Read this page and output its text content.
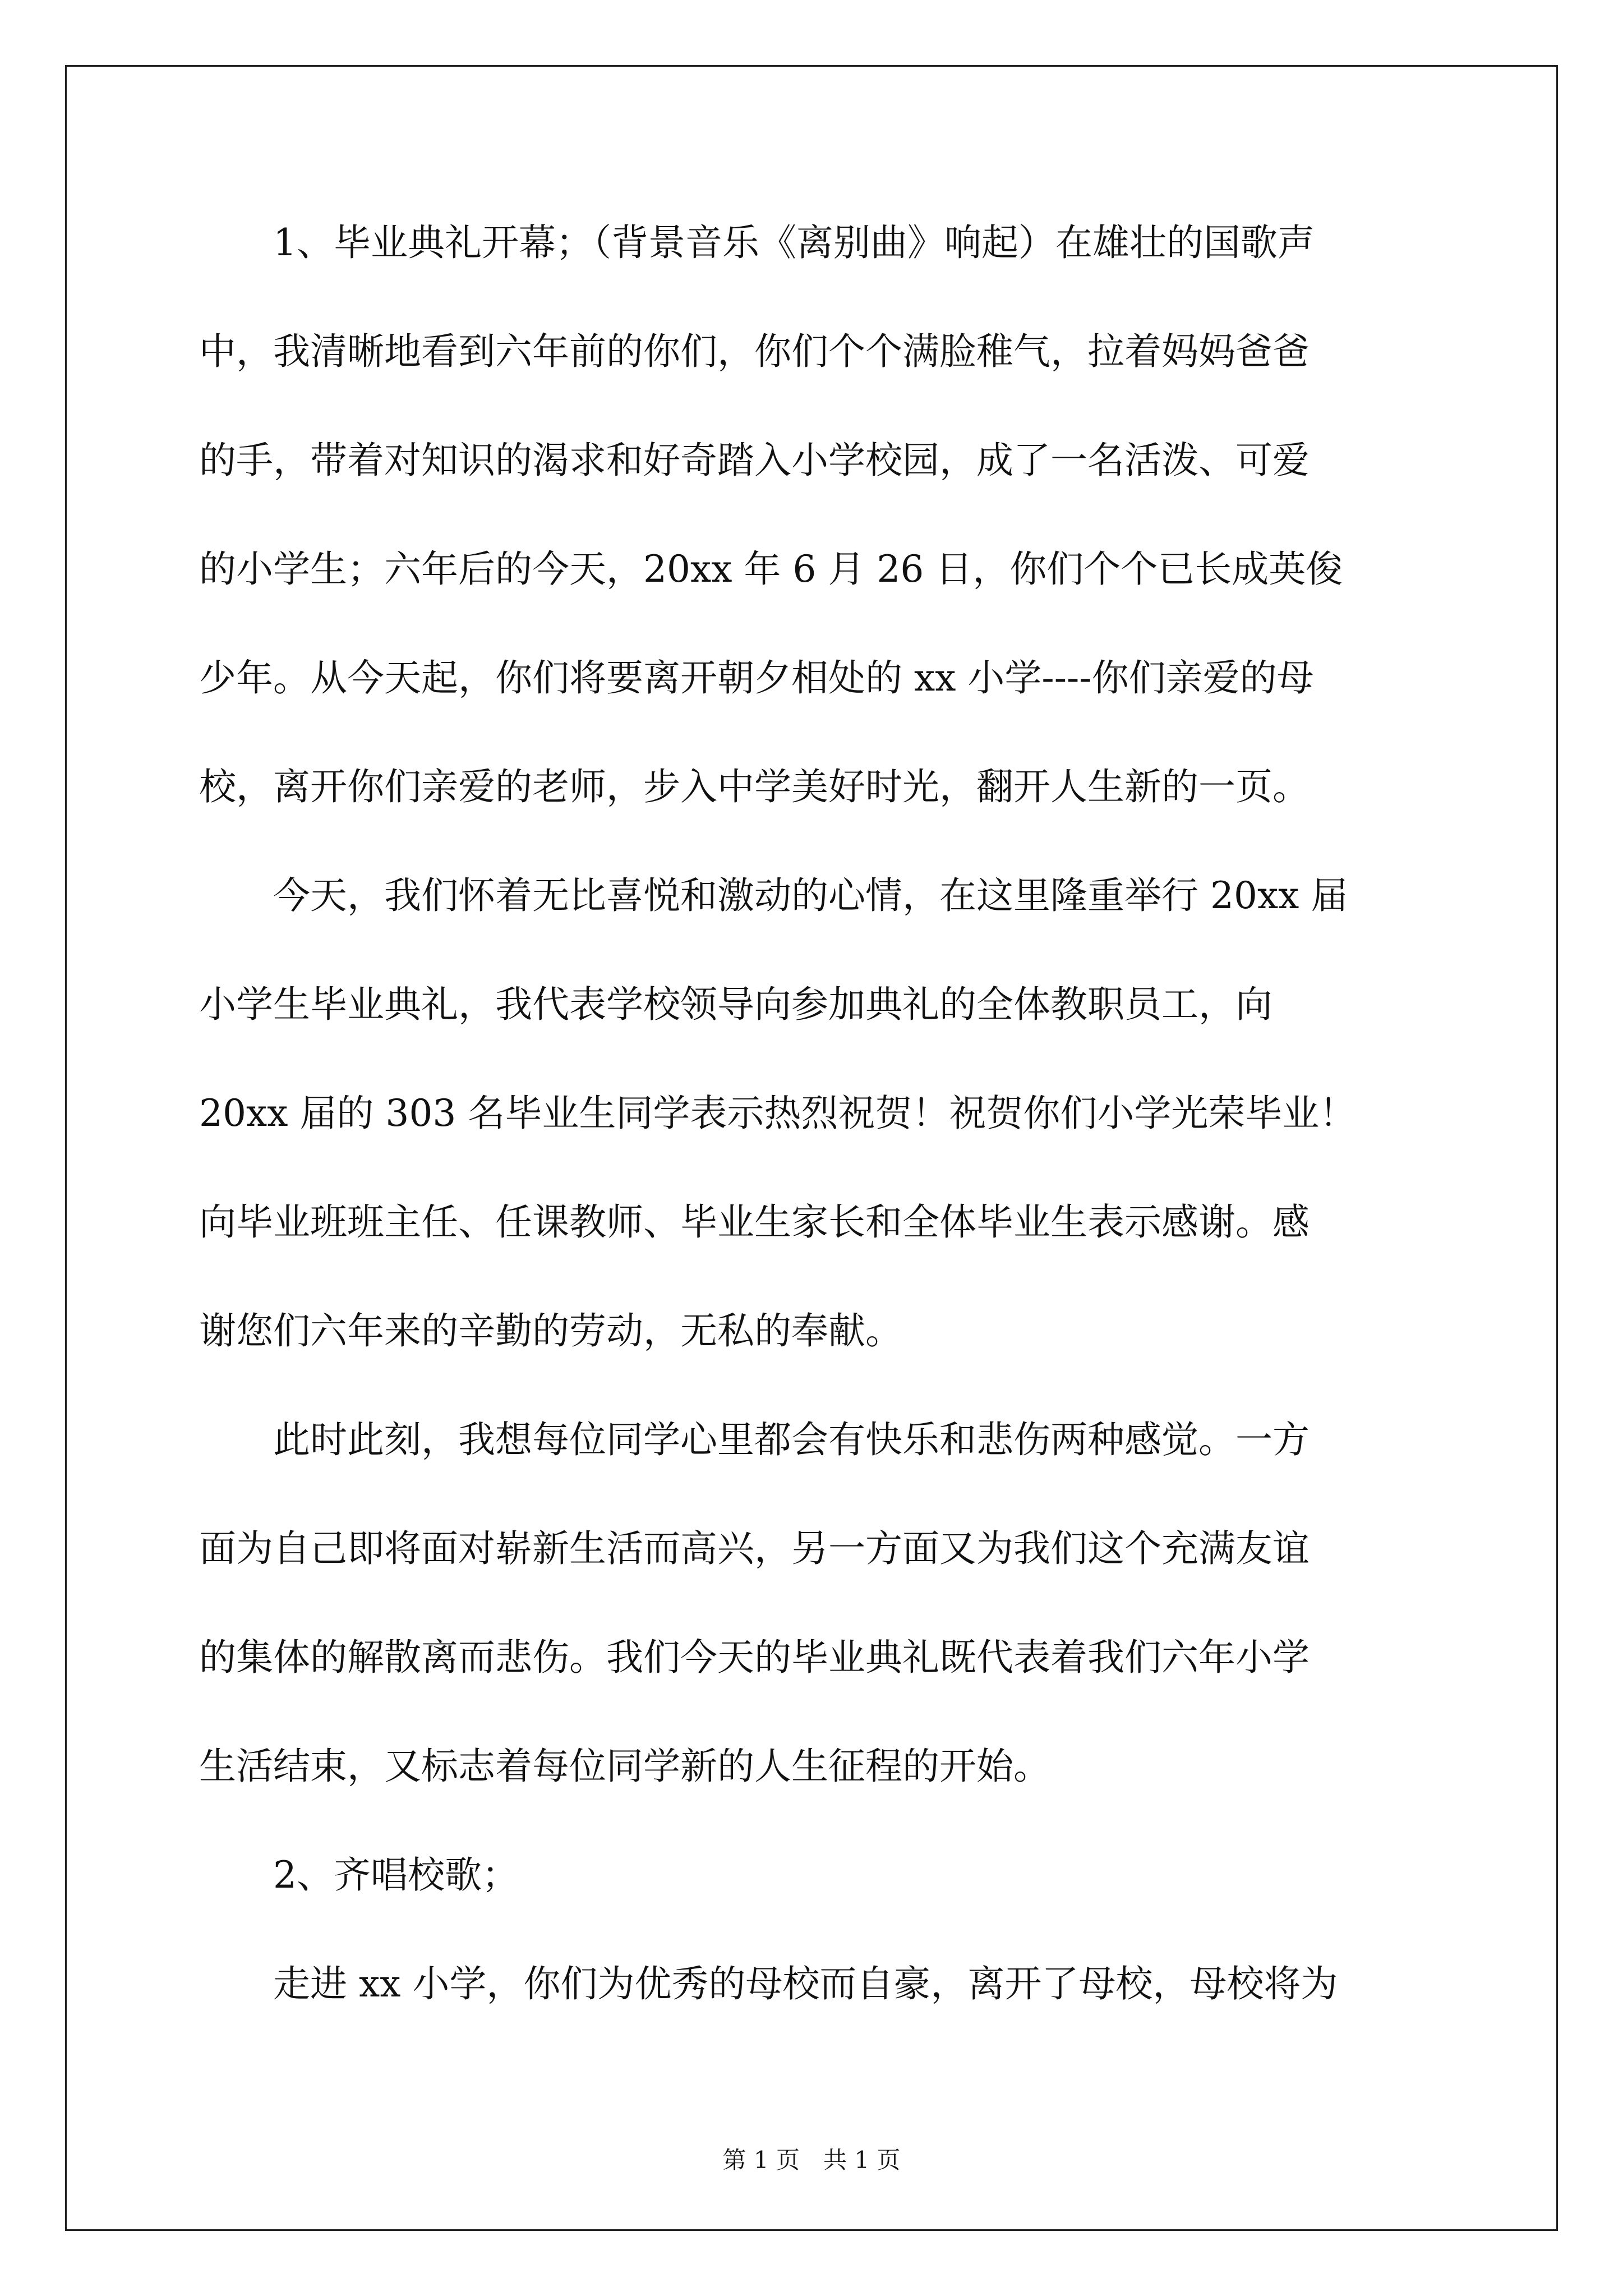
　　1、毕业典礼开幕；（背景音乐《离别曲》响起）在雄壮的国歌声
中，我清晰地看到六年前的你们，你们个个满脸稚气，拉着妈妈爸爸
的手，带着对知识的渴求和好奇踏入小学校园，成了一名活泼、可爱
的小学生；六年后的今天，20xx 年 6 月 26 日，你们个个已长成英俊
少年。从今天起，你们将要离开朝夕相处的 xx 小学----你们亲爱的母
校，离开你们亲爱的老师，步入中学美好时光，翻开人生新的一页。
　　今天，我们怀着无比喜悦和激动的心情，在这里隆重举行 20xx 届
小学生毕业典礼，我代表学校领导向参加典礼的全体教职员工，向
20xx 届的 303 名毕业生同学表示热烈祝贺！祝贺你们小学光荣毕业！
向毕业班班主任、任课教师、毕业生家长和全体毕业生表示感谢。感
谢您们六年来的辛勤的劳动，无私的奉献。
　　此时此刻，我想每位同学心里都会有快乐和悲伤两种感觉。一方
面为自己即将面对崭新生活而高兴，另一方面又为我们这个充满友谊
的集体的解散离而悲伤。我们今天的毕业典礼既代表着我们六年小学
生活结束，又标志着每位同学新的人生征程的开始。
　　2、齐唱校歌；
　　走进 xx 小学，你们为优秀的母校而自豪，离开了母校，母校将为
第 1 页　共 1 页
